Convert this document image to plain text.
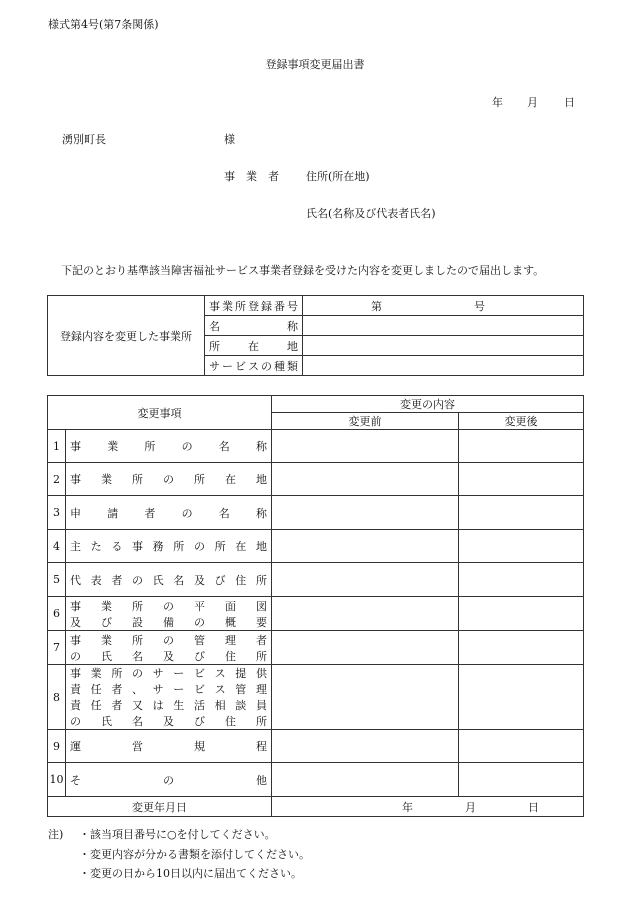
様式第4号(第7条関係)
登録事項変更届出書
年 月 日
湧別町長	様
事　業　者 住所(所在地)
氏名(名称及び代表者氏名)
下記のとおり基準該当障害福祉サービス事業者登録を受けた内容を変更しましたので届出します。
登録内容を変更した事業所	事業所登録番号	第 号
	名　　　称	
	所　在　地	
	サービスの種類	
変更事項		変更の内容	
		変更前	変更後
1	事業所の名称		
2	事業所の所在地		
3	申請者の名称		
4	主たる事務所の所在地		
5	代表者の氏名及び住所		
6	事業所の平面図
及び設備の概要		

7	事業所の管理者
の氏名及び住所		

8	事業所のサービス提供
責任者、サービス管理
責任者又は生活相談員
の氏名及び住所		

9	運営規程		
10	その他		
変更年月日		年 月 日	
注) ・該当項目番号に○を付してください。
・変更内容が分かる書類を添付してください。
・変更の日から10日以内に届出てください。
